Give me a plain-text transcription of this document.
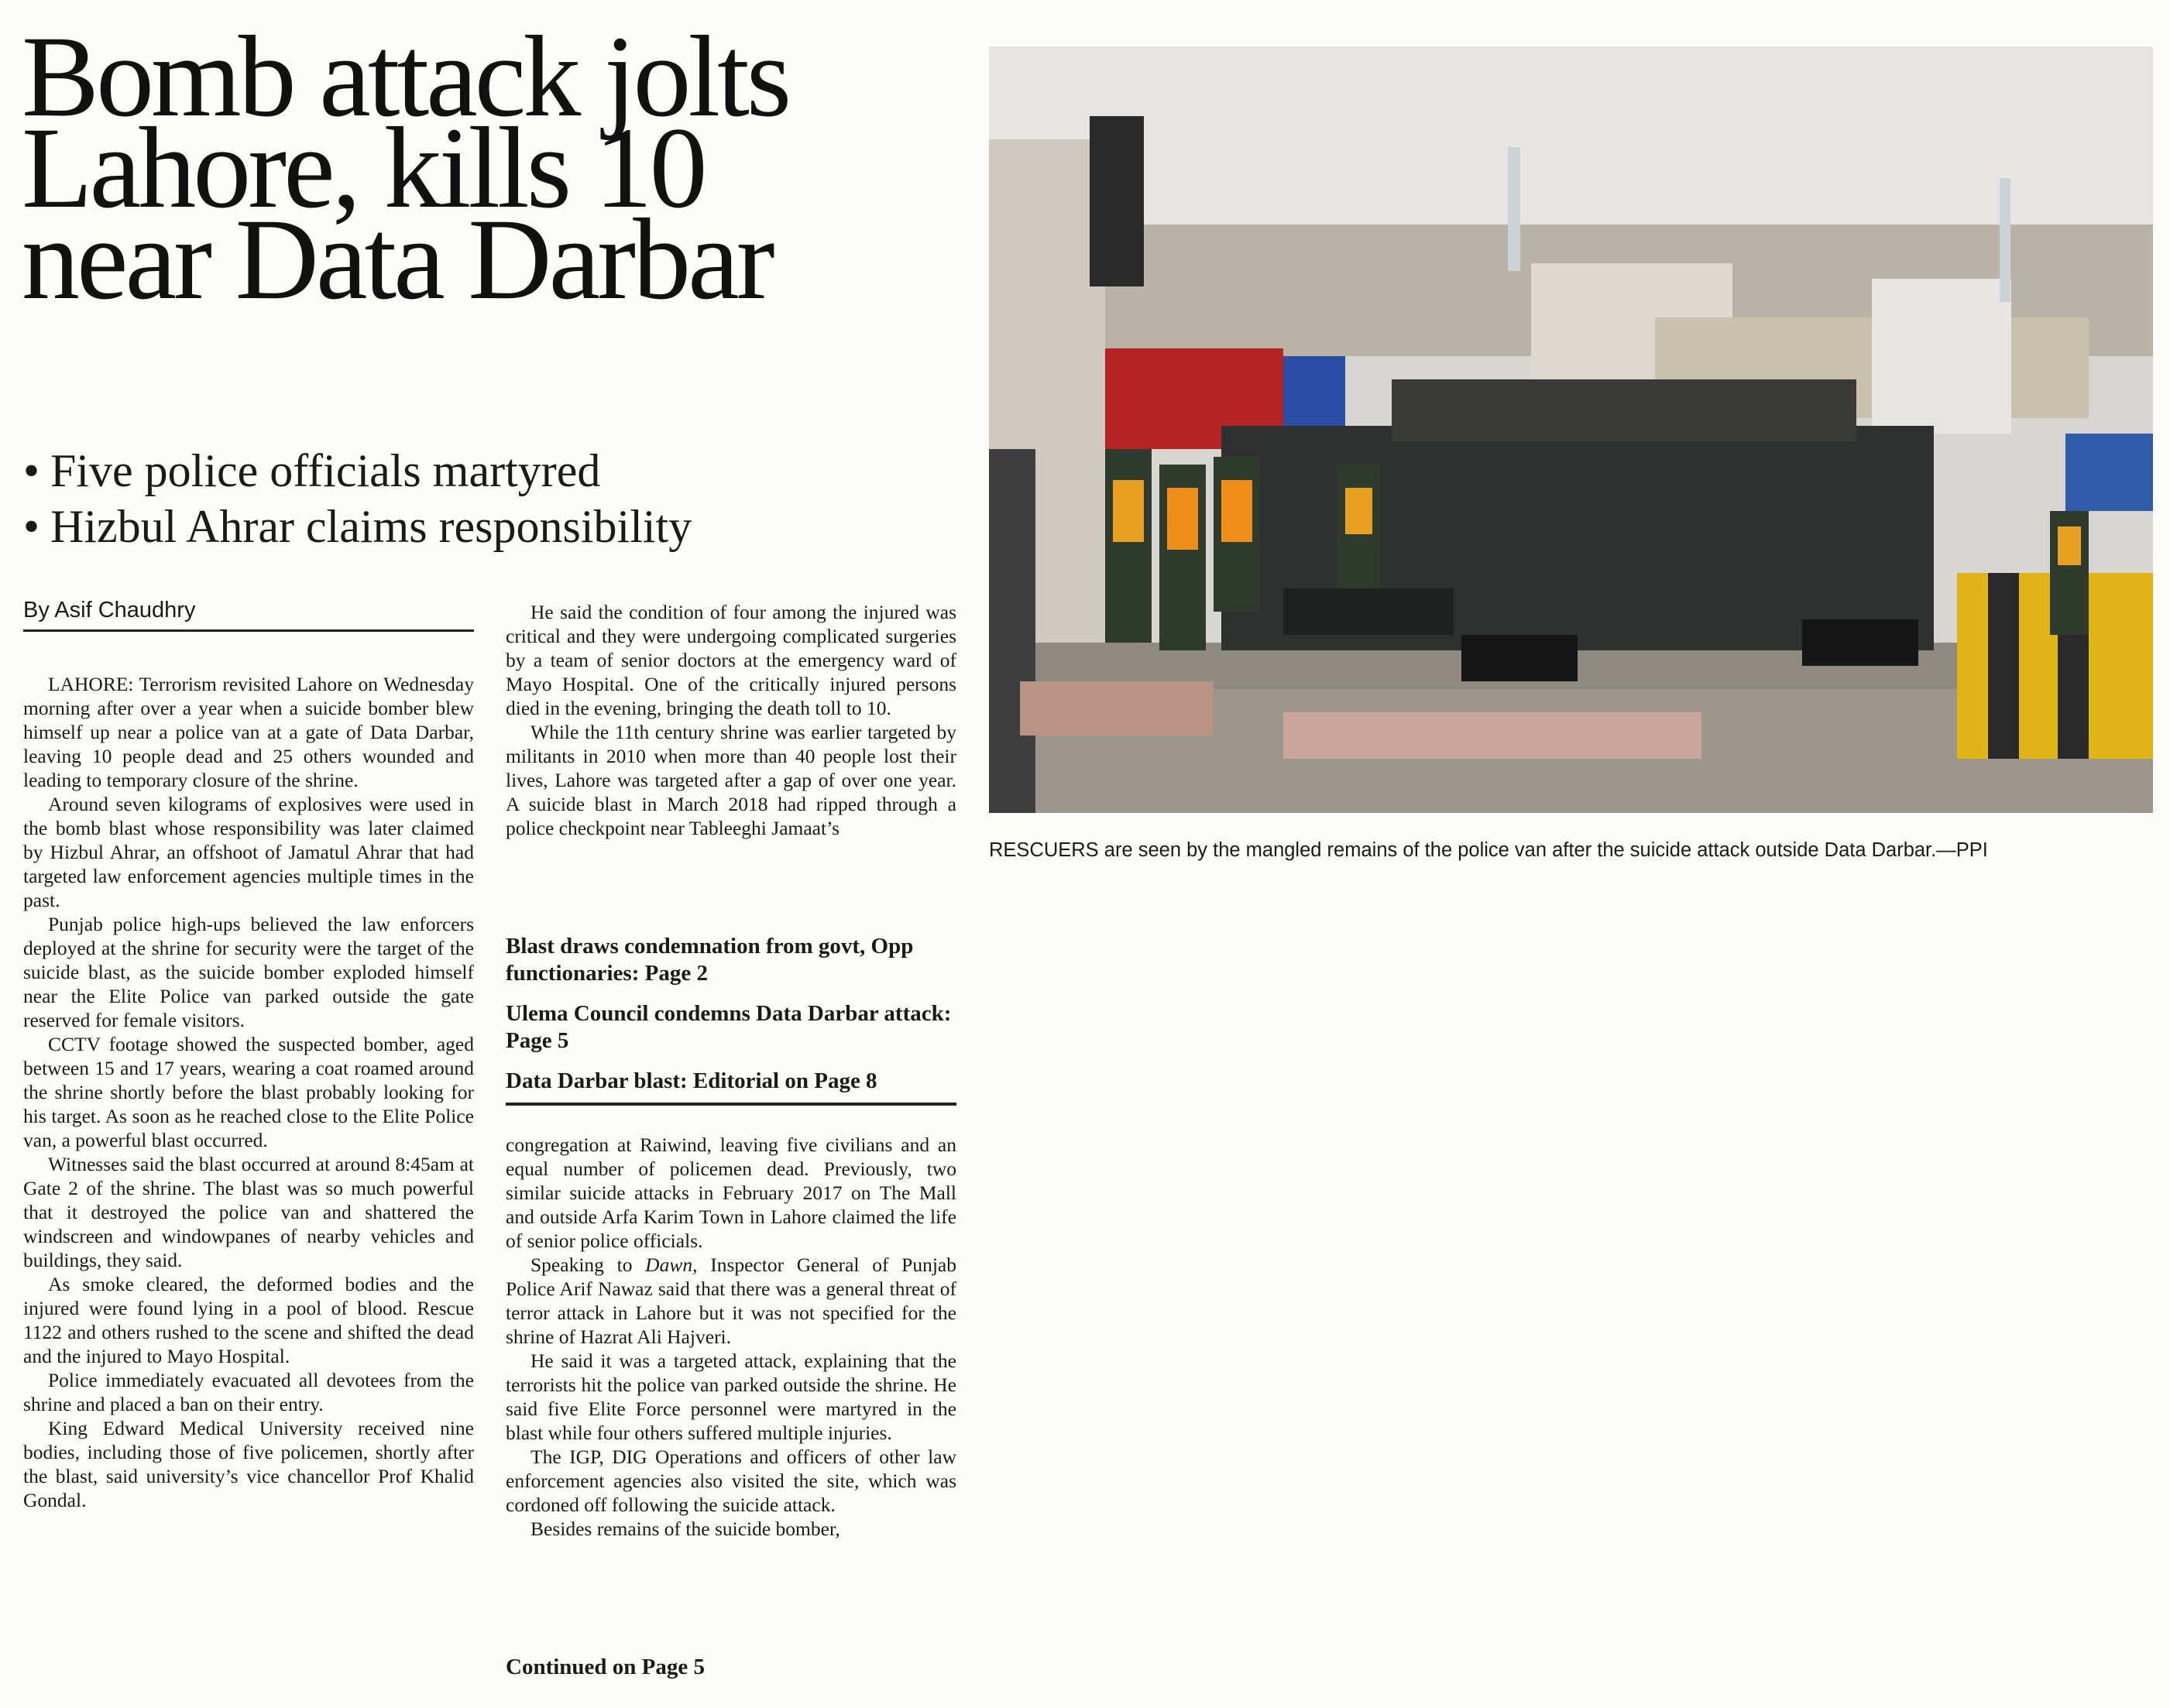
Bomb attack jolts
Lahore, kills 10
near Data Darbar
• Five police officials martyred
• Hizbul Ahrar claims responsibility
By Asif Chaudhry

LAHORE: Terrorism revisited Lahore on Wednesday morning after over a year when a suicide bomber blew himself up near a police van at a gate of Data Darbar, leaving 10 people dead and 25 others wounded and leading to temporary closure of the shrine.

Around seven kilograms of explosives were used in the bomb blast whose responsibility was later claimed by Hizbul Ahrar, an offshoot of Jamatul Ahrar that had targeted law enforcement agencies multiple times in the past.

Punjab police high-ups believed the law enforcers deployed at the shrine for security were the target of the suicide blast, as the suicide bomber exploded himself near the Elite Police van parked outside the gate reserved for female visitors.

CCTV footage showed the suspected bomber, aged between 15 and 17 years, wearing a coat roamed around the shrine shortly before the blast probably looking for his target. As soon as he reached close to the Elite Police van, a powerful blast occurred.

Witnesses said the blast occurred at around 8:45am at Gate 2 of the shrine. The blast was so much powerful that it destroyed the police van and shattered the windscreen and windowpanes of nearby vehicles and buildings, they said.

As smoke cleared, the deformed bodies and the injured were found lying in a pool of blood. Rescue 1122 and others rushed to the scene and shifted the dead and the injured to Mayo Hospital.

Police immediately evacuated all devotees from the shrine and placed a ban on their entry.

King Edward Medical University received nine bodies, including those of five policemen, shortly after the blast, said university’s vice chancellor Prof Khalid Gondal.

He said the condition of four among the injured was critical and they were undergoing complicated surgeries by a team of senior doctors at the emergency ward of Mayo Hospital. One of the critically injured persons died in the evening, bringing the death toll to 10.

While the 11th century shrine was earlier targeted by militants in 2010 when more than 40 people lost their lives, Lahore was targeted after a gap of over one year. A suicide blast in March 2018 had ripped through a police checkpoint near Tableeghi Jamaat’s

Blast draws condemnation from govt, Opp functionaries: Page 2
Ulema Council condemns Data Darbar attack: Page 5
Data Darbar blast: Editorial on Page 8

congregation at Raiwind, leaving five civilians and an equal number of policemen dead. Previously, two similar suicide attacks in February 2017 on The Mall and outside Arfa Karim Town in Lahore claimed the life of senior police officials.

Speaking to Dawn, Inspector General of Punjab Police Arif Nawaz said that there was a general threat of terror attack in Lahore but it was not specified for the shrine of Hazrat Ali Hajveri.

He said it was a targeted attack, explaining that the terrorists hit the police van parked outside the shrine. He said five Elite Force personnel were martyred in the blast while four others suffered multiple injuries.

The IGP, DIG Operations and officers of other law enforcement agencies also visited the site, which was cordoned off following the suicide attack.

Besides remains of the suicide bomber,

Continued on Page 5
RESCUERS are seen by the mangled remains of the police van after the suicide attack outside Data Darbar.—PPI
